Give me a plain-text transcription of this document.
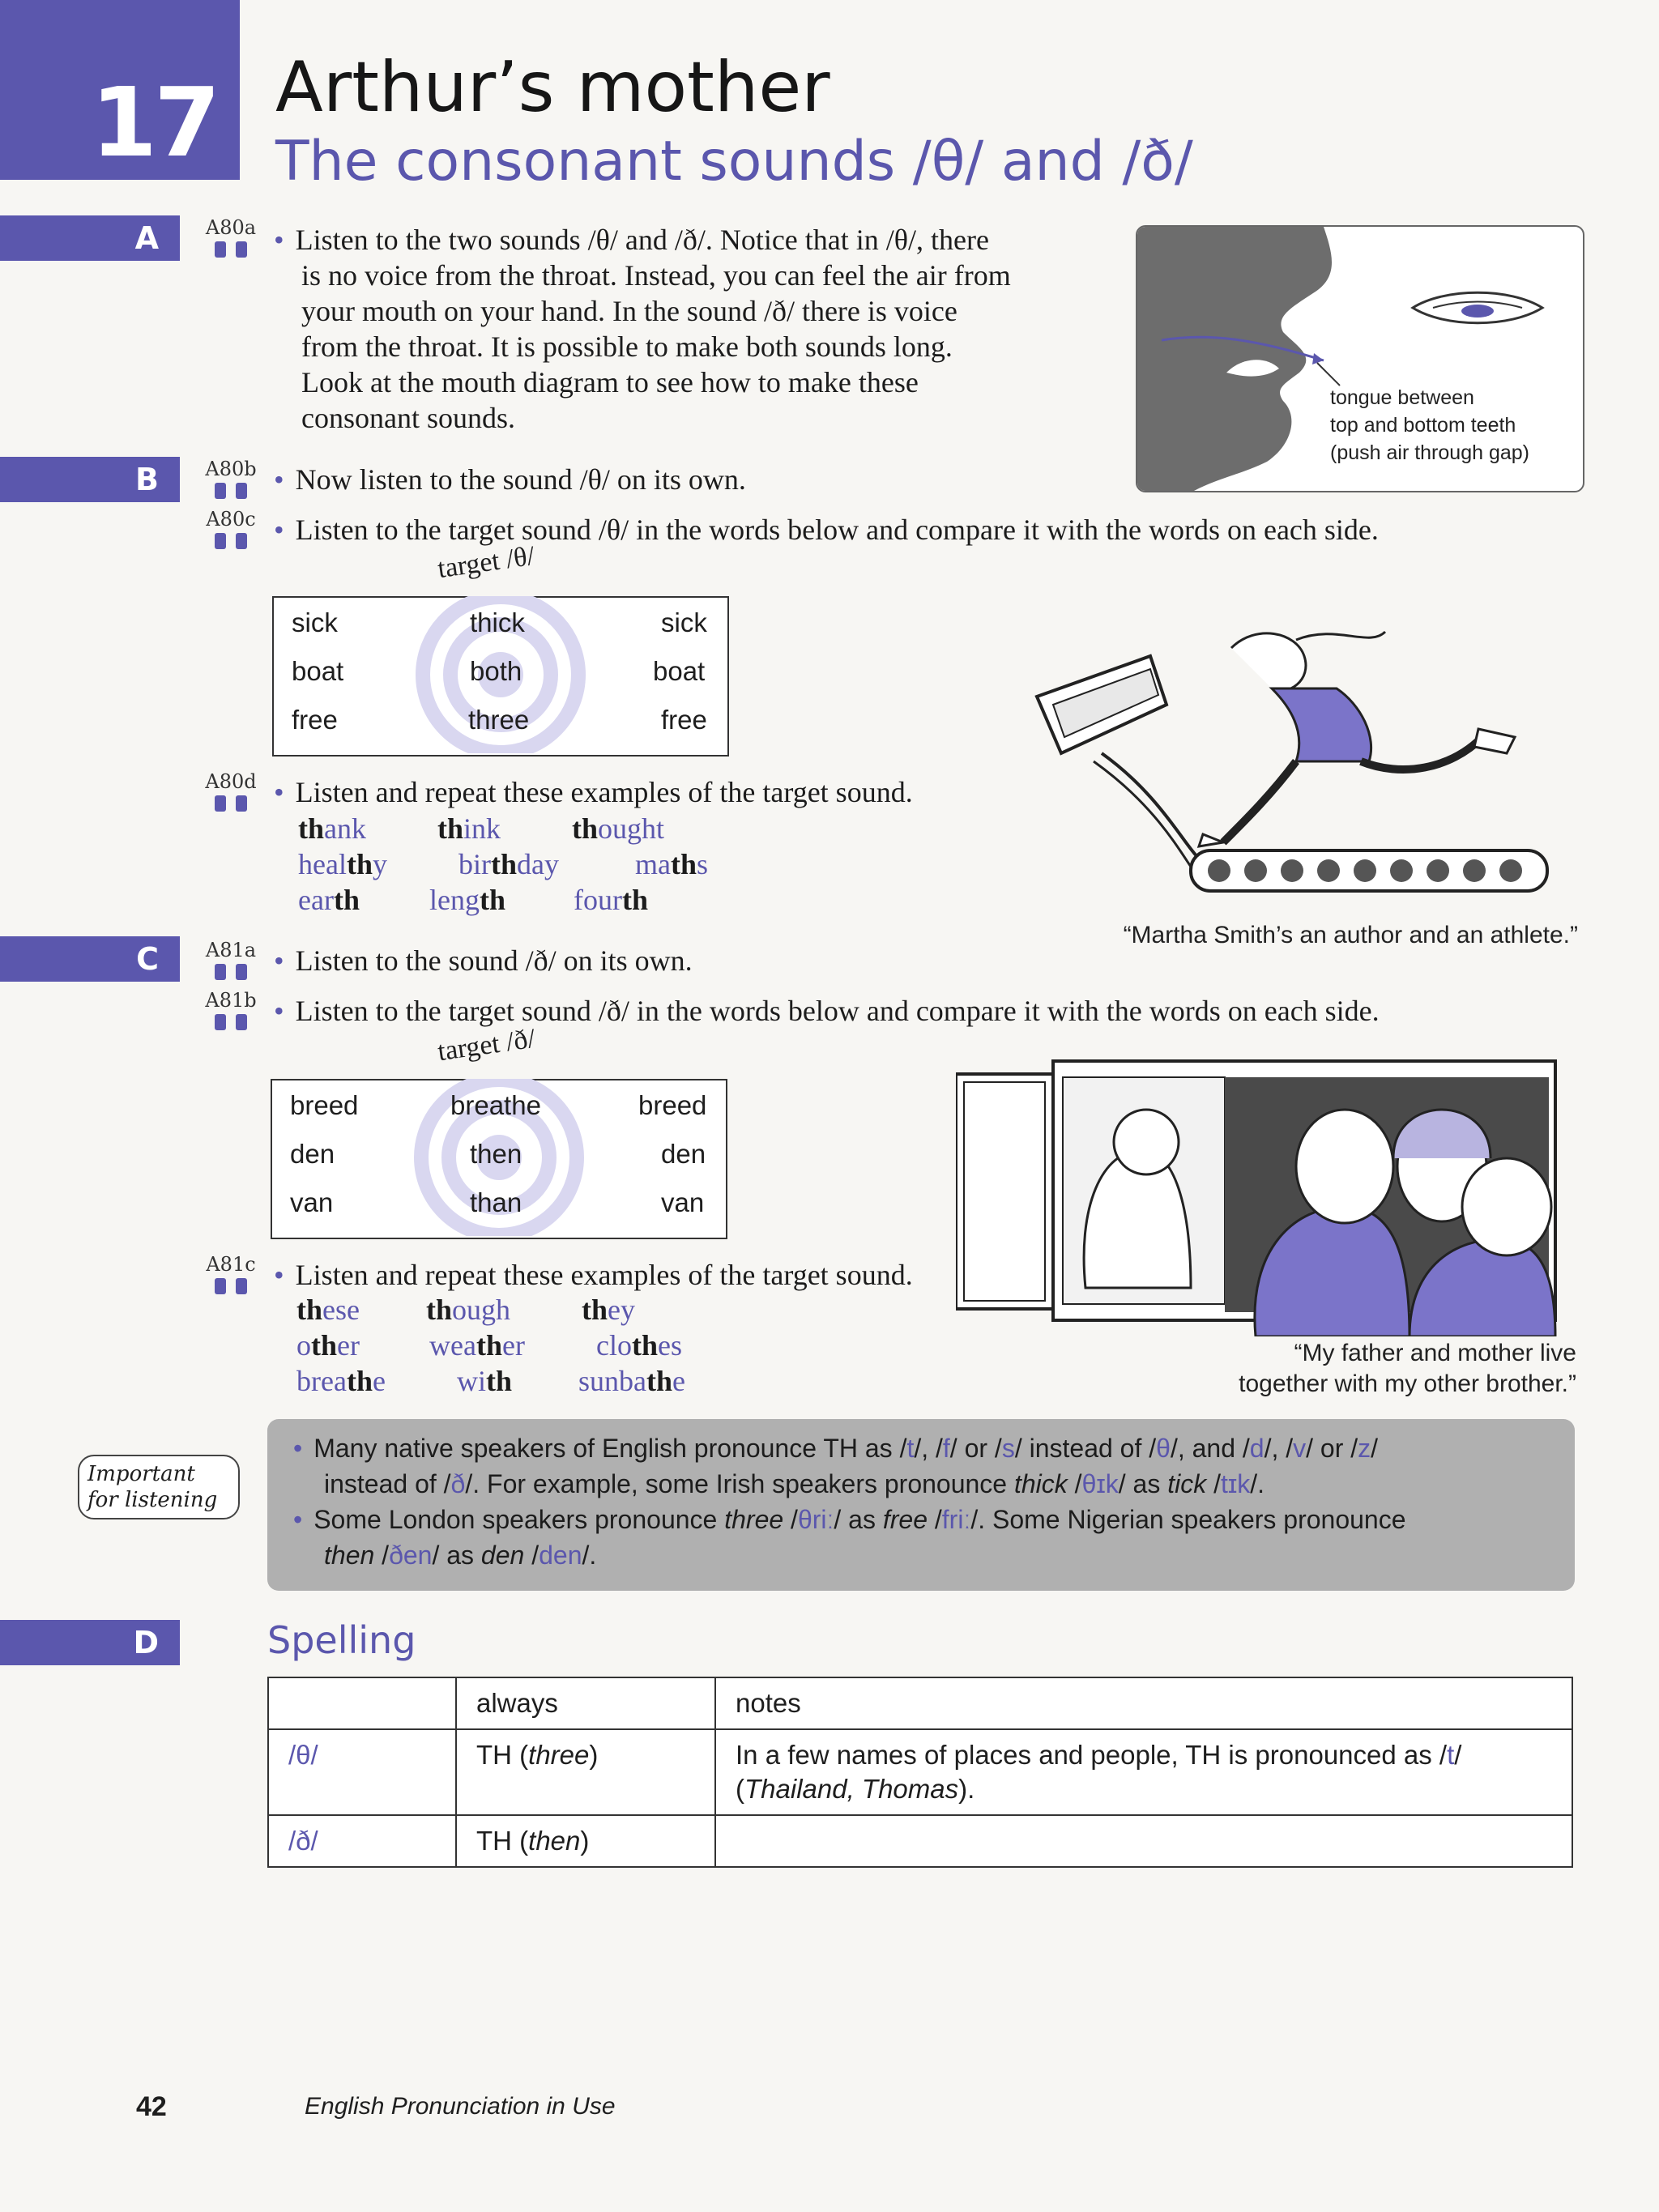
17 Arthur’s mother
The consonant sounds /θ/ and /ð/
A A80a	• Listen to the two sounds /θ/ and /ð/. Notice that in /θ/, there
is no voice from the throat. Instead, you can feel the air from
your mouth on your hand. In the sound /ð/ there is voice
from the throat. It is possible to make both sounds long.
Look at the mouth diagram to see how to make these
consonant sounds.
tongue between
top and bottom teeth
(push air through gap)
B A80b	• Now listen to the sound /θ/ on its own.
A80c	• Listen to the target sound /θ/ in the words below and compare it with the words on each side.
target /θ/
sick	thick	sick
boat	both	boat
free	three	free
A80d	• Listen and repeat these examples of the target sound.
thank think thought
healthy birthday	maths
earth length fourth
“Martha Smith’s an author and an athlete.”
C A81a	• Listen to the sound /ð/ on its own.
A81b	• Listen to the target sound /ð/ in the words below and compare it with the words on each side.
target /ð/
breed	breathe	breed
den	then	den
van	than	van
A81c	• Listen and repeat these examples of the target sound.
these though they
other weather clothes
breathe with sunbathe
“My father and mother live
together with my other brother.”
Important for listening
• Many native speakers of English pronounce TH as /t/, /f/ or /s/ instead of /θ/, and /d/, /v/ or /z/
instead of /ð/. For example, some Irish speakers pronounce thick /θɪk/ as tick /tɪk/.
• Some London speakers pronounce three /θriː/ as free /friː/. Some Nigerian speakers pronounce
then /ðen/ as den /den/.
D	Spelling
	always	notes
/θ/	TH (three)	In a few names of places and people, TH is pronounced as /t/
(Thailand, Thomas).
/ð/	TH (then)	
42	English Pronunciation in Use
